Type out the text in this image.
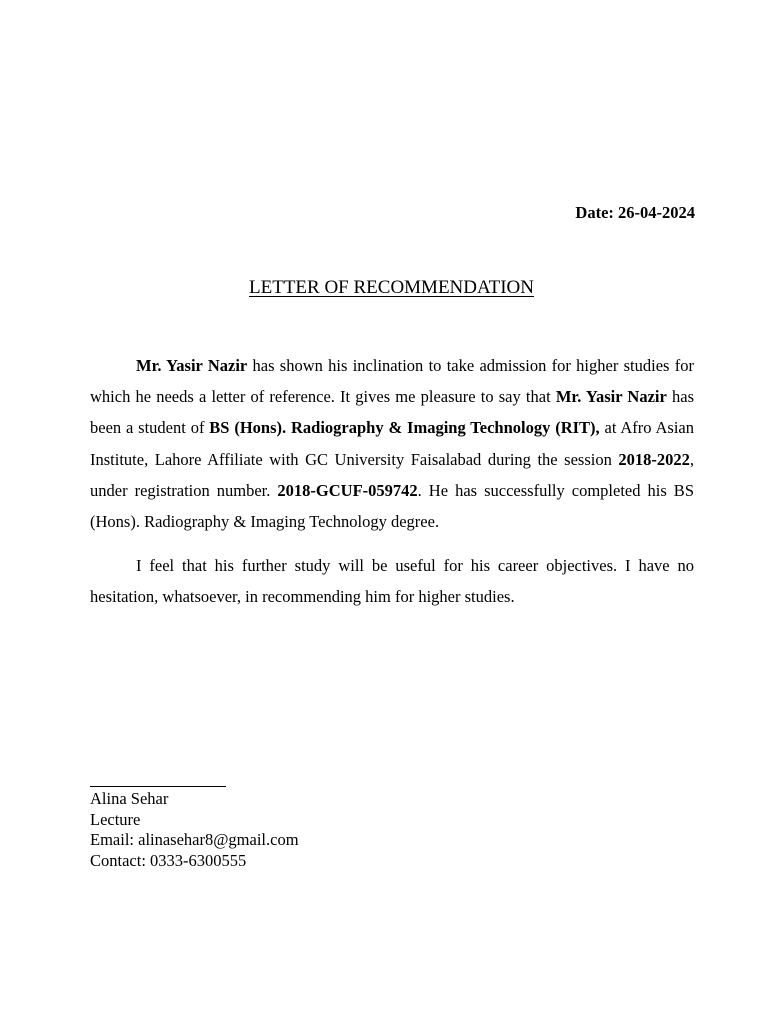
Date: 26-04-2024
LETTER OF RECOMMENDATION

Mr. Yasir Nazir has shown his inclination to take admission for higher studies for which he needs a letter of reference. It gives me pleasure to say that Mr. Yasir Nazir has been a student of BS (Hons). Radiography & Imaging Technology (RIT), at Afro Asian Institute, Lahore Affiliate with GC University Faisalabad during the session 2018-2022, under registration number. 2018-GCUF-059742. He has successfully completed his BS (Hons). Radiography & Imaging Technology degree.

I feel that his further study will be useful for his career objectives. I have no hesitation, whatsoever, in recommending him for higher studies.

Alina Sehar
Lecture
Email: alinasehar8@gmail.com
Contact: 0333-6300555
